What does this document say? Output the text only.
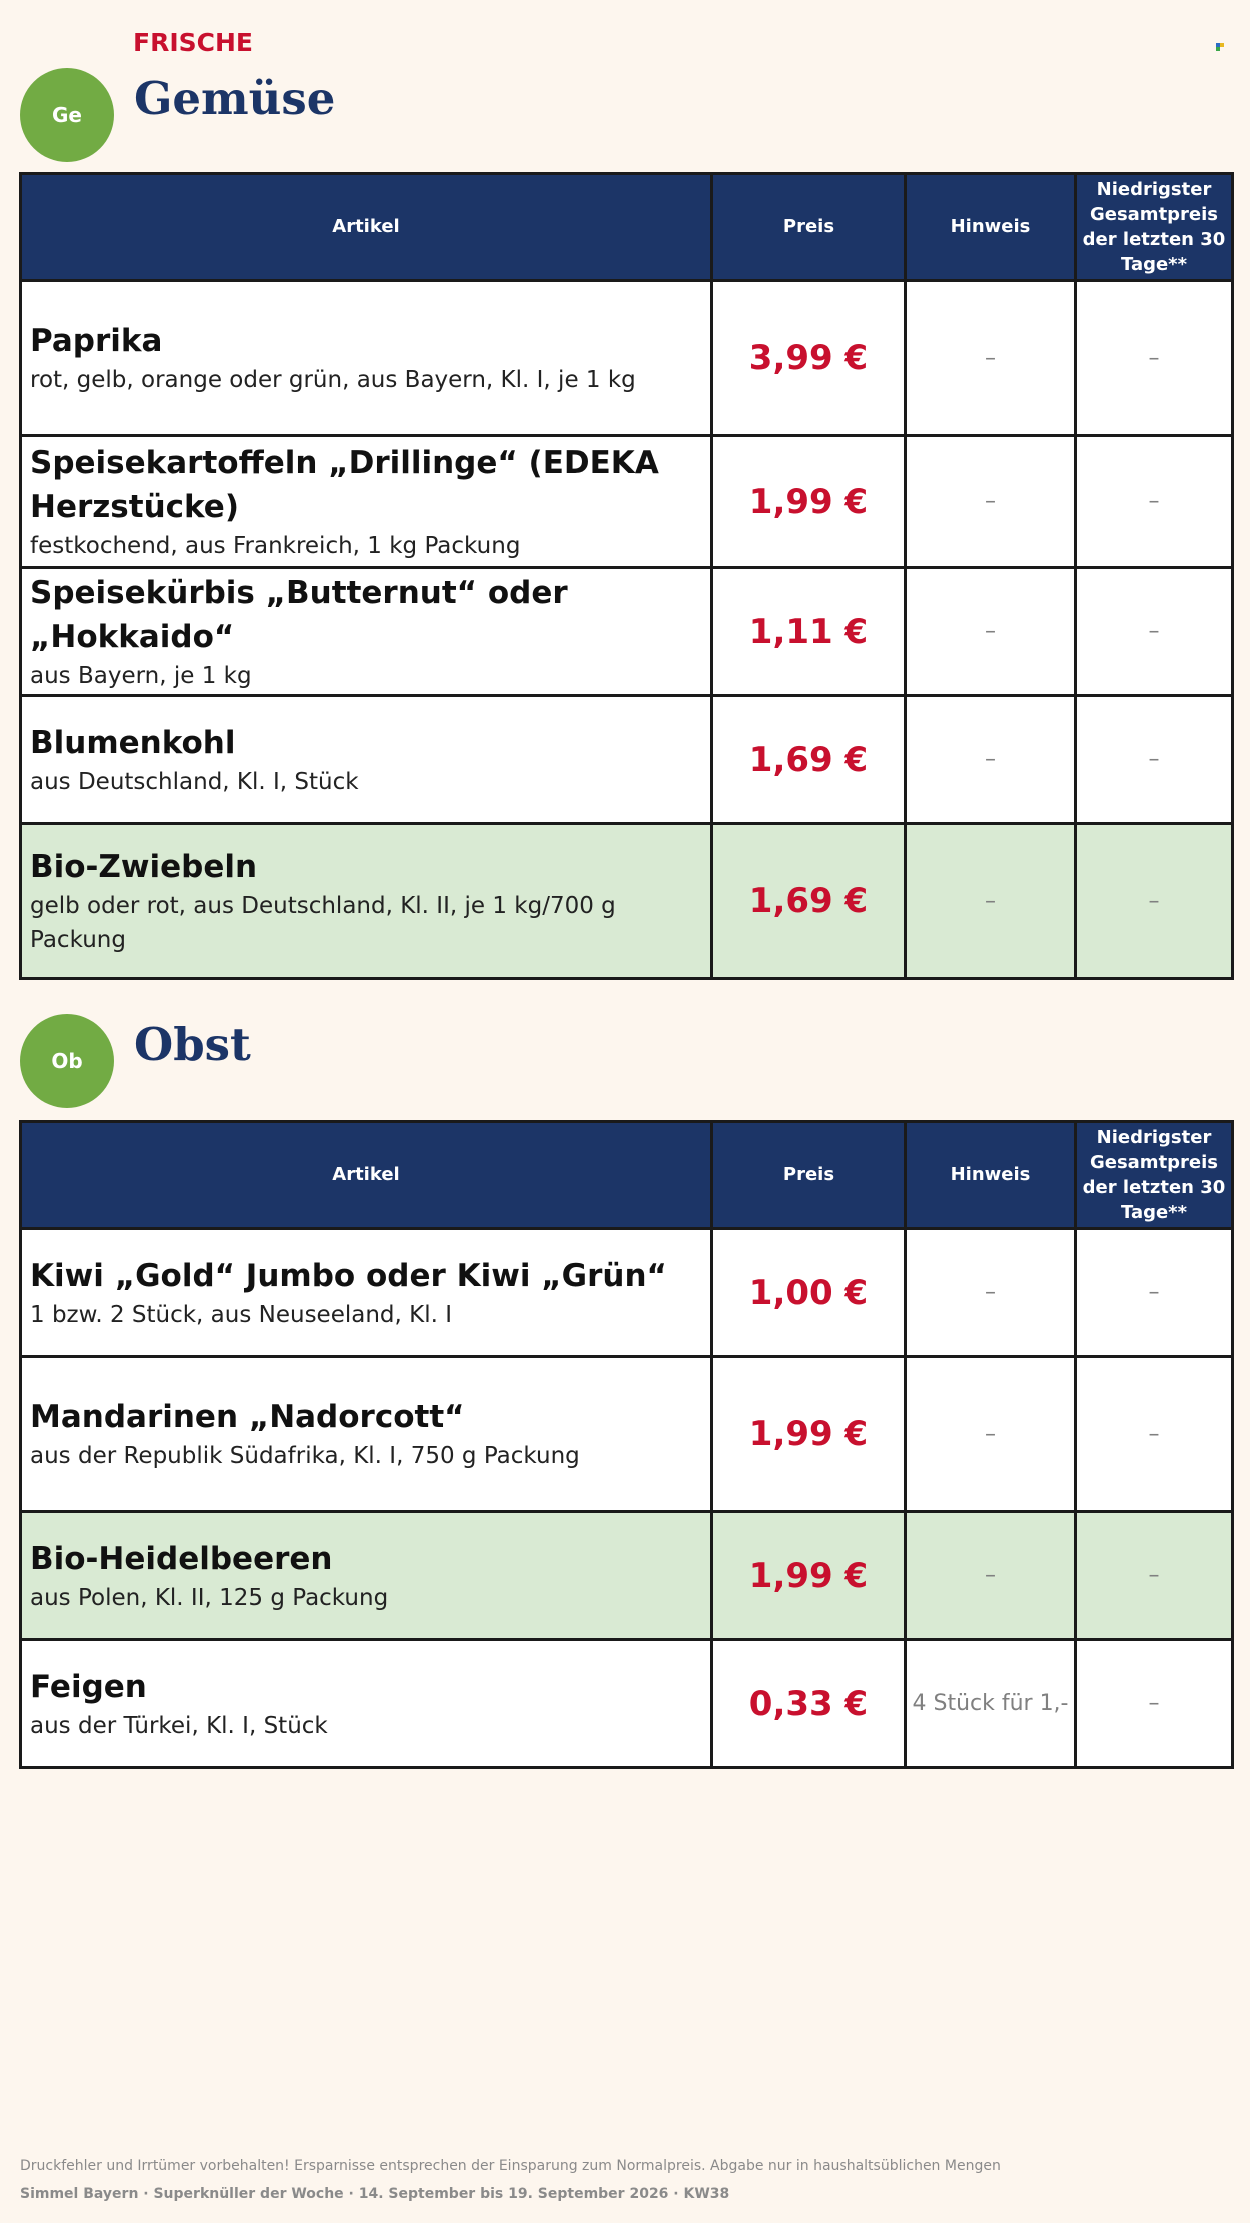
FRISCHE
Ge	Gemüse
Artikel	Preis	Hinweis	Niedrigster Gesamtpreis der letzten 30 Tage**

Paprika
rot, gelb, orange oder grün, aus Bayern, Kl. I, je 1 kg	3,99 €	–	–

Speisekartoffeln „Drillinge“ (EDEKA Herzstücke)
festkochend, aus Frankreich, 1 kg Packung	1,99 €	–	–

Speisekürbis „Butternut“ oder „Hokkaido“
aus Bayern, je 1 kg	1,11 €	–	–

Blumenkohl
aus Deutschland, Kl. I, Stück	1,69 €	–	–

Bio-Zwiebeln
gelb oder rot, aus Deutschland, Kl. II, je 1 kg/700 g Packung	1,69 €	–	–
Ob	Obst
Artikel	Preis	Hinweis	Niedrigster Gesamtpreis der letzten 30 Tage**

Kiwi „Gold“ Jumbo oder Kiwi „Grün“
1 bzw. 2 Stück, aus Neuseeland, Kl. I	1,00 €	–	–

Mandarinen „Nadorcott“
aus der Republik Südafrika, Kl. I, 750 g Packung	1,99 €	–	–

Bio-Heidelbeeren
aus Polen, Kl. II, 125 g Packung	1,99 €	–	–

Feigen
aus der Türkei, Kl. I, Stück	0,33 €	4 Stück für 1,-	–
Druckfehler und Irrtümer vorbehalten! Ersparnisse entsprechen der Einsparung zum Normalpreis. Abgabe nur in haushaltsüblichen Mengen
Simmel Bayern · Superknüller der Woche · 14. September bis 19. September 2026 · KW38
